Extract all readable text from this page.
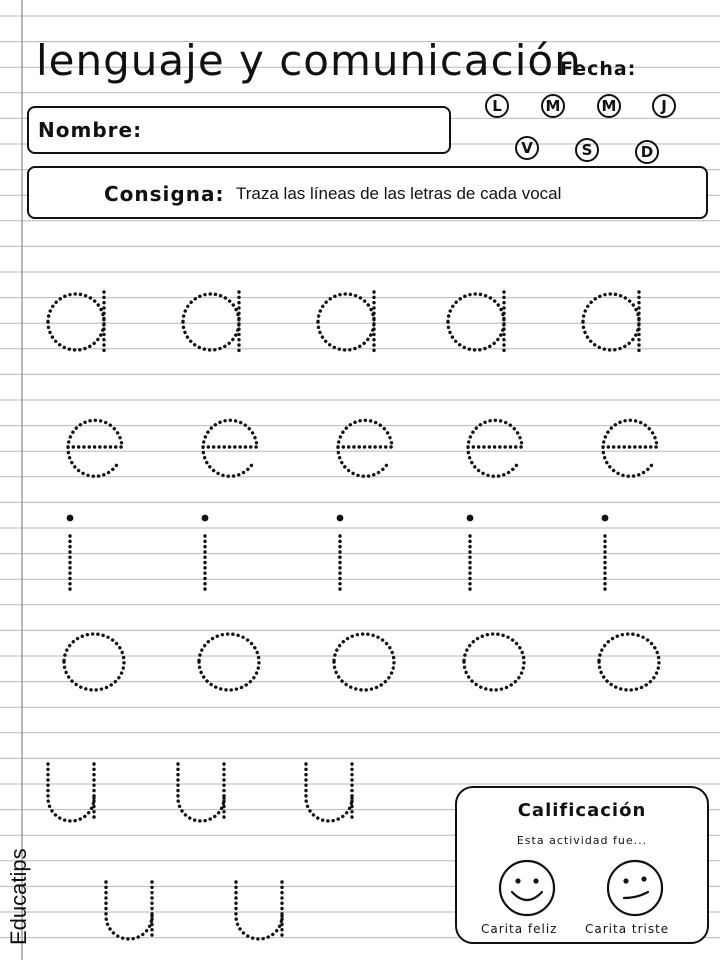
lenguaje y comunicación
Fecha:
L	M	M	J
V	S	D
Nombre:
Consigna: Traza las líneas de las letras de cada vocal
Educatips
Calificación
Esta actividad fue...
Carita feliz Carita triste
